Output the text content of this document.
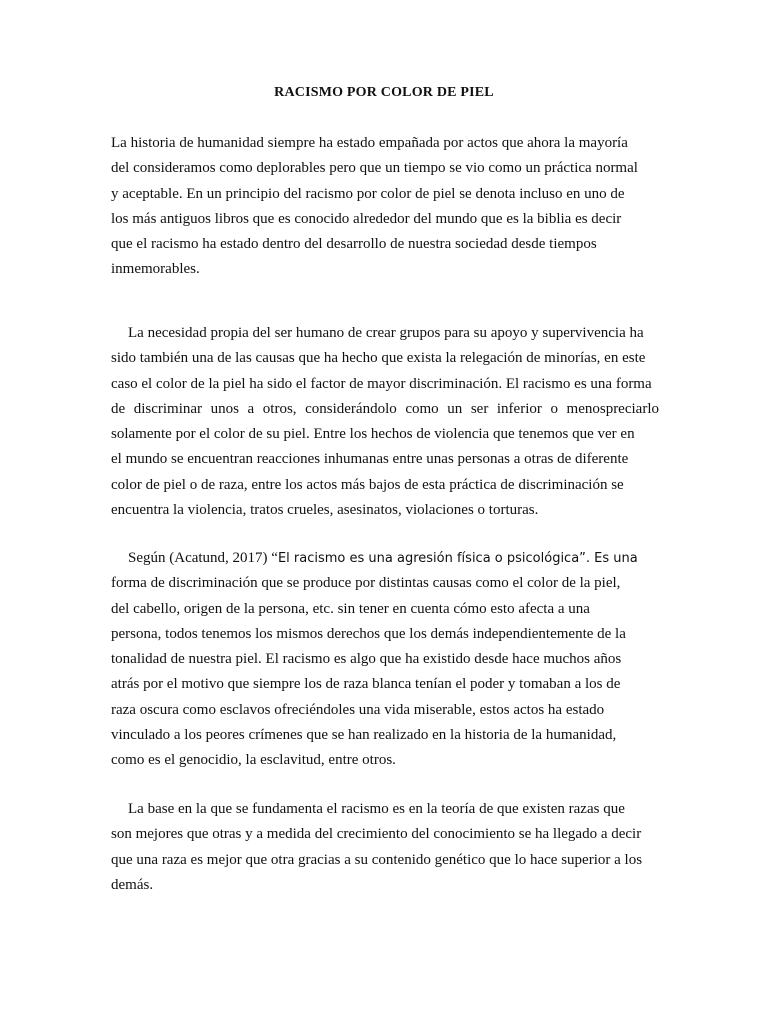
RACISMO POR COLOR DE PIEL
La historia de humanidad siempre ha estado empañada por actos que ahora la mayoría
del consideramos como deplorables pero que un tiempo se vio como un práctica normal
y aceptable. En un principio del racismo por color de piel se denota incluso en uno de
los más antiguos libros que es conocido alrededor del mundo que es la biblia es decir
que el racismo ha estado dentro del desarrollo de nuestra sociedad desde tiempos
inmemorables.
La necesidad propia del ser humano de crear grupos para su apoyo y supervivencia ha
sido también una de las causas que ha hecho que exista la relegación de minorías, en este
caso el color de la piel ha sido el factor de mayor discriminación. El racismo es una forma
de discriminar unos a otros, considerándolo como un ser inferior o menospreciarlo
solamente por el color de su piel. Entre los hechos de violencia que tenemos que ver en
el mundo se encuentran reacciones inhumanas entre unas personas a otras de diferente
color de piel o de raza, entre los actos más bajos de esta práctica de discriminación se
encuentra la violencia, tratos crueles, asesinatos, violaciones o torturas.
Según (Acatund, 2017) “El racismo es una agresión física o psicológica”. Es una
forma de discriminación que se produce por distintas causas como el color de la piel,
del cabello, origen de la persona, etc. sin tener en cuenta cómo esto afecta a una
persona, todos tenemos los mismos derechos que los demás independientemente de la
tonalidad de nuestra piel. El racismo es algo que ha existido desde hace muchos años
atrás por el motivo que siempre los de raza blanca tenían el poder y tomaban a los de
raza oscura como esclavos ofreciéndoles una vida miserable, estos actos ha estado
vinculado a los peores crímenes que se han realizado en la historia de la humanidad,
como es el genocidio, la esclavitud, entre otros.
La base en la que se fundamenta el racismo es en la teoría de que existen razas que
son mejores que otras y a medida del crecimiento del conocimiento se ha llegado a decir
que una raza es mejor que otra gracias a su contenido genético que lo hace superior a los
demás.
